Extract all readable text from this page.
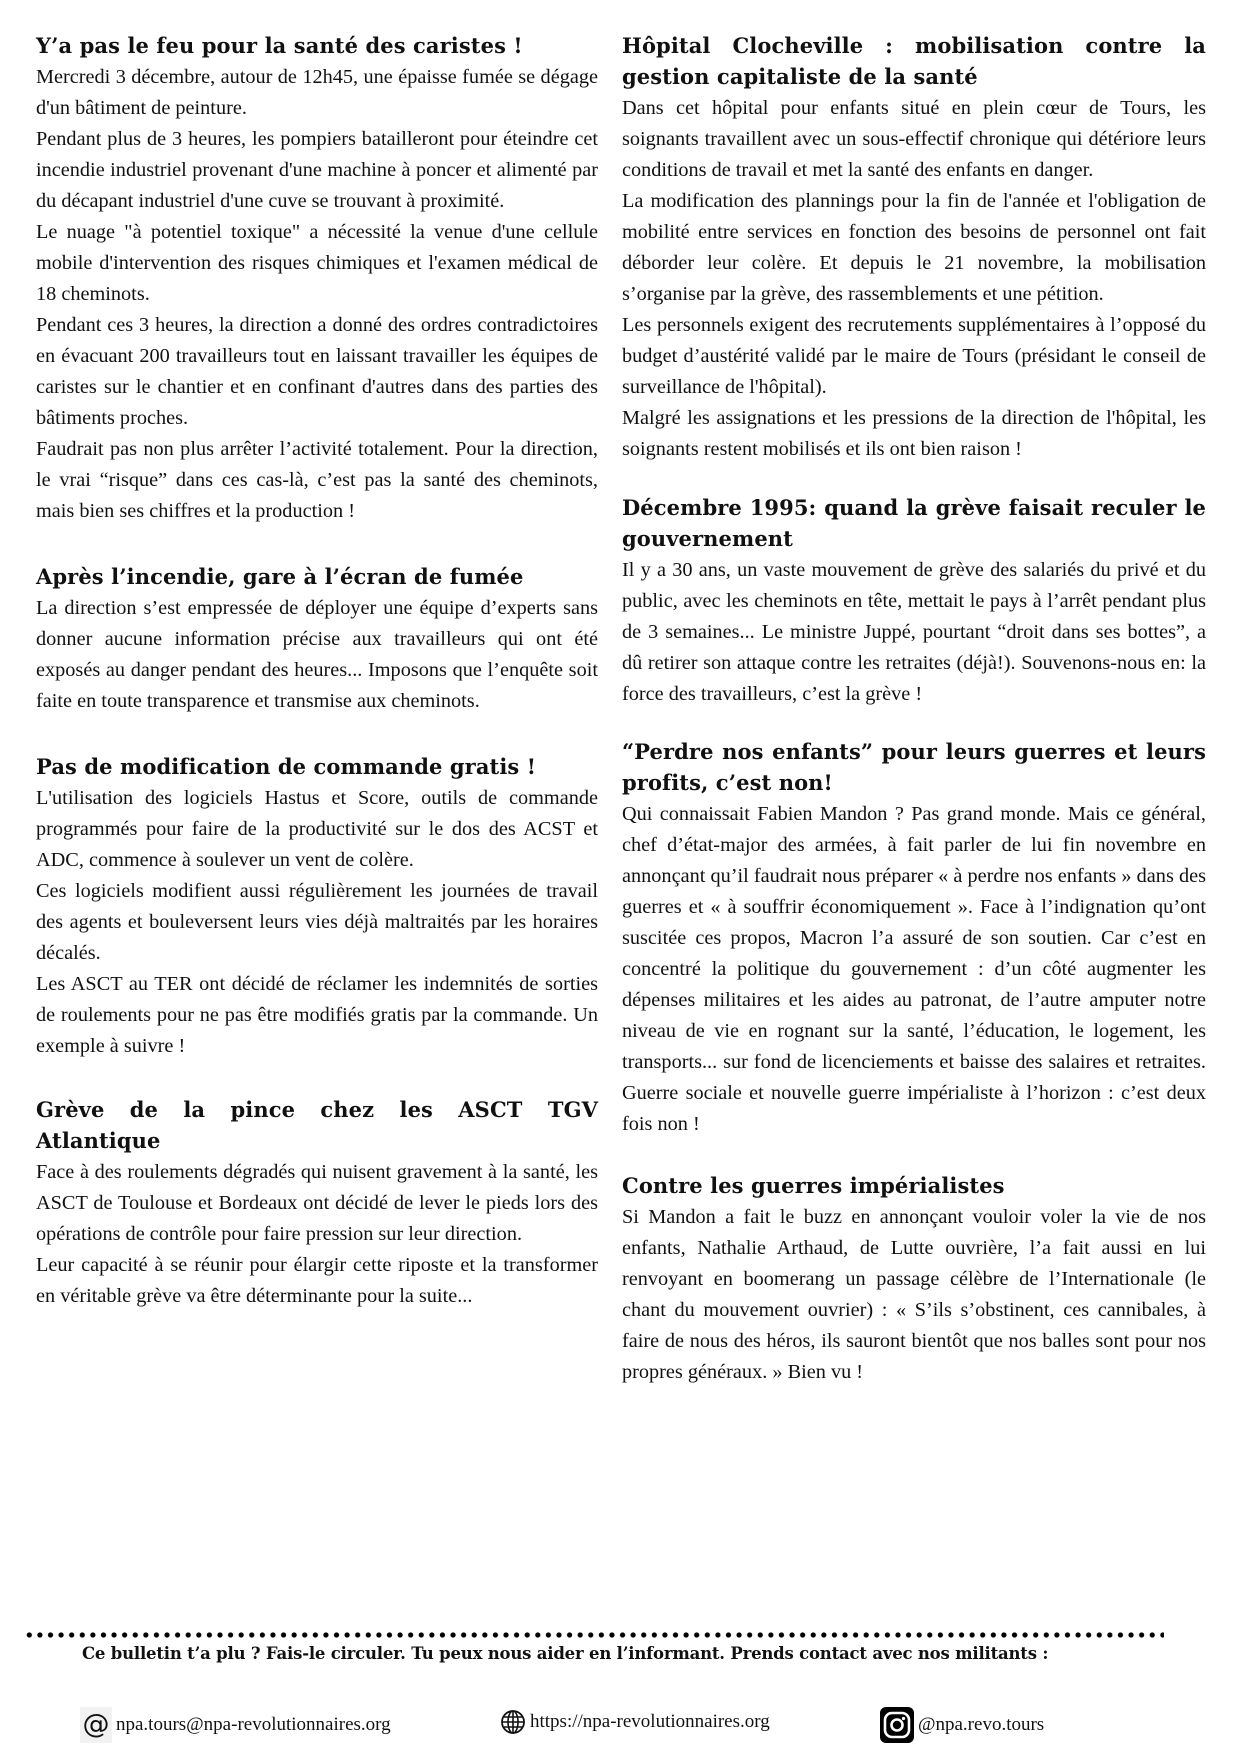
Y’a pas le feu pour la santé des caristes !

Mercredi 3 décembre, autour de 12h45, une épaisse fumée se dégage d'un bâtiment de peinture.

Pendant plus de 3 heures, les pompiers batailleront pour éteindre cet incendie industriel provenant d'une machine à poncer et alimenté par du décapant industriel d'une cuve se trouvant à proximité.

Le nuage "à potentiel toxique" a nécessité la venue d'une cellule mobile d'intervention des risques chimiques et l'examen médical de 18 cheminots.

Pendant ces 3 heures, la direction a donné des ordres contradictoires en évacuant 200 travailleurs tout en laissant travailler les équipes de caristes sur le chantier et en confinant d'autres dans des parties des bâtiments proches.

Faudrait pas non plus arrêter l’activité totalement. Pour la direction, le vrai “risque” dans ces cas-là, c’est pas la santé des cheminots, mais bien ses chiffres et la production !

Après l’incendie, gare à l’écran de fumée

La direction s’est empressée de déployer une équipe d’experts sans donner aucune information précise aux travailleurs qui ont été exposés au danger pendant des heures... Imposons que l’enquête soit faite en toute transparence et transmise aux cheminots.

Pas de modification de commande gratis !

L'utilisation des logiciels Hastus et Score, outils de commande programmés pour faire de la productivité sur le dos des ACST et ADC, commence à soulever un vent de colère.

Ces logiciels modifient aussi régulièrement les journées de travail des agents et bouleversent leurs vies déjà maltraités par les horaires décalés.

Les ASCT au TER ont décidé de réclamer les indemnités de sorties de roulements pour ne pas être modifiés gratis par la commande. Un exemple à suivre !

Grève de la pince chez les ASCT TGV Atlantique

Face à des roulements dégradés qui nuisent gravement à la santé, les ASCT de Toulouse et Bordeaux ont décidé de lever le pieds lors des opérations de contrôle pour faire pression sur leur direction.

Leur capacité à se réunir pour élargir cette riposte et la transformer en véritable grève va être déterminante pour la suite...

Hôpital Clocheville : mobilisation contre la gestion capitaliste de la santé

Dans cet hôpital pour enfants situé en plein cœur de Tours, les soignants travaillent avec un sous-effectif chronique qui détériore leurs conditions de travail et met la santé des enfants en danger.

La modification des plannings pour la fin de l'année et l'obligation de mobilité entre services en fonction des besoins de personnel ont fait déborder leur colère. Et depuis le 21 novembre, la mobilisation s’organise par la grève, des rassemblements et une pétition.

Les personnels exigent des recrutements supplémentaires à l’opposé du budget d’austérité validé par le maire de Tours (présidant le conseil de surveillance de l'hôpital).

Malgré les assignations et les pressions de la direction de l'hôpital, les soignants restent mobilisés et ils ont bien raison !

Décembre 1995: quand la grève faisait reculer le gouvernement

Il y a 30 ans, un vaste mouvement de grève des salariés du privé et du public, avec les cheminots en tête, mettait le pays à l’arrêt pendant plus de 3 semaines... Le ministre Juppé, pourtant “droit dans ses bottes”, a dû retirer son attaque contre les retraites (déjà!). Souvenons-nous en: la force des travailleurs, c’est la grève !

“Perdre nos enfants” pour leurs guerres et leurs profits, c’est non!

Qui connaissait Fabien Mandon ? Pas grand monde. Mais ce général, chef d’état-major des armées, à fait parler de lui fin novembre en annonçant qu’il faudrait nous préparer « à perdre nos enfants » dans des guerres et « à souffrir économiquement ». Face à l’indignation qu’ont suscitée ces propos, Macron l’a assuré de son soutien. Car c’est en concentré la politique du gouvernement : d’un côté augmenter les dépenses militaires et les aides au patronat, de l’autre amputer notre niveau de vie en rognant sur la santé, l’éducation, le logement, les transports... sur fond de licenciements et baisse des salaires et retraites. Guerre sociale et nouvelle guerre impérialiste à l’horizon : c’est deux fois non !

Contre les guerres impérialistes

Si Mandon a fait le buzz en annonçant vouloir voler la vie de nos enfants, Nathalie Arthaud, de Lutte ouvrière, l’a fait aussi en lui renvoyant en boomerang un passage célèbre de l’Internationale (le chant du mouvement ouvrier) : « S’ils s’obstinent, ces cannibales, à faire de nous des héros, ils sauront bientôt que nos balles sont pour nos propres généraux. » Bien vu !

Ce bulletin t’a plu ? Fais-le circuler. Tu peux nous aider en l’informant. Prends contact avec nos militants :
@ npa.tours@npa-revolutionnaires.org	https://npa-revolutionnaires.org	@npa.revo.tours
